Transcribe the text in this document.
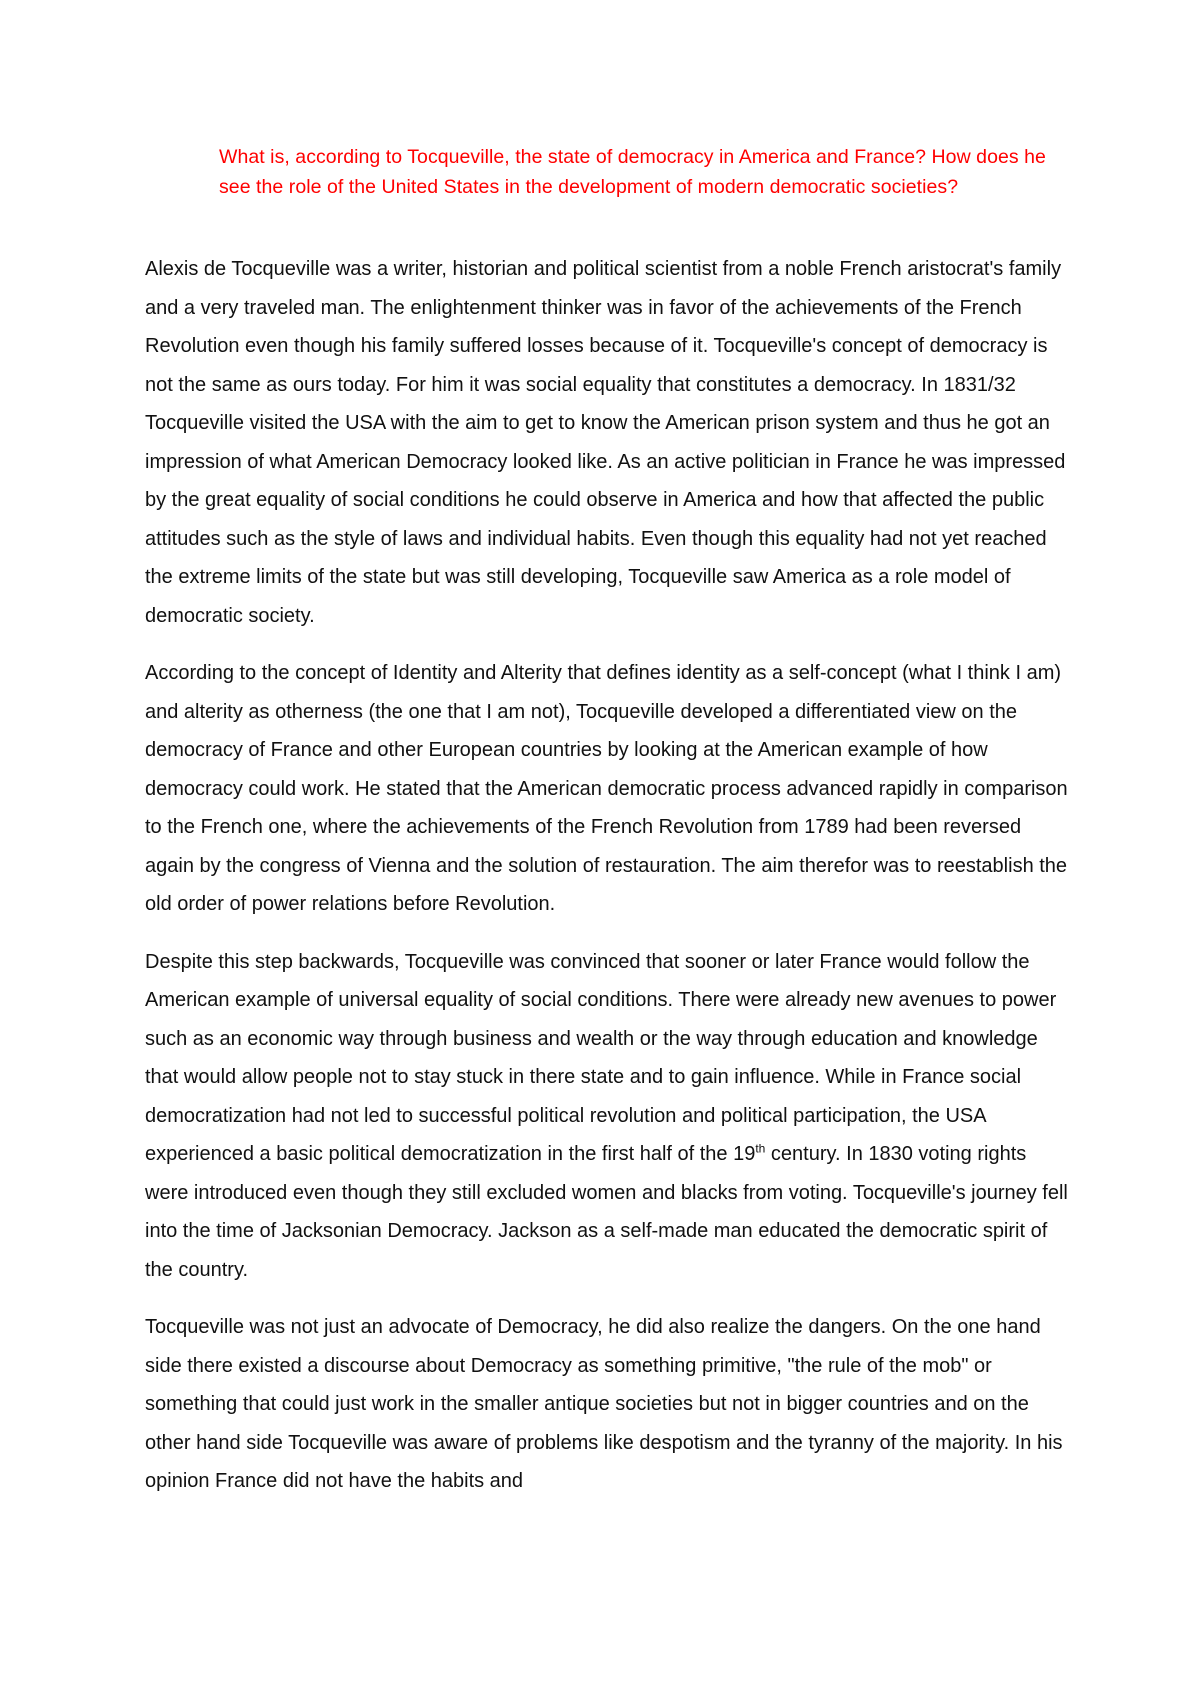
What is, according to Tocqueville, the state of democracy in America and France? How does he see the role of the United States in the development of modern democratic societies?

Alexis de Tocqueville was a writer, historian and political scientist from a noble French aristocrat's family and a very traveled man. The enlightenment thinker was in favor of the achievements of the French Revolution even though his family suffered losses because of it. Tocqueville's concept of democracy is not the same as ours today. For him it was social equality that constitutes a democracy. In 1831/32 Tocqueville visited the USA with the aim to get to know the American prison system and thus he got an impression of what American Democracy looked like. As an active politician in France he was impressed by the great equality of social conditions he could observe in America and how that affected the public attitudes such as the style of laws and individual habits. Even though this equality had not yet reached the extreme limits of the state but was still developing, Tocqueville saw America as a role model of democratic society.

According to the concept of Identity and Alterity that defines identity as a self-concept (what I think I am) and alterity as otherness (the one that I am not), Tocqueville developed a differentiated view on the democracy of France and other European countries by looking at the American example of how democracy could work. He stated that the American democratic process advanced rapidly in comparison to the French one, where the achievements of the French Revolution from 1789 had been reversed again by the congress of Vienna and the solution of restauration. The aim therefor was to reestablish the old order of power relations before Revolution.

Despite this step backwards, Tocqueville was convinced that sooner or later France would follow the American example of universal equality of social conditions. There were already new avenues to power such as an economic way through business and wealth or the way through education and knowledge that would allow people not to stay stuck in there state and to gain influence. While in France social democratization had not led to successful political revolution and political participation, the USA experienced a basic political democratization in the first half of the 19th century. In 1830 voting rights were introduced even though they still excluded women and blacks from voting. Tocqueville's journey fell into the time of Jacksonian Democracy. Jackson as a self-made man educated the democratic spirit of the country.

Tocqueville was not just an advocate of Democracy, he did also realize the dangers. On the one hand side there existed a discourse about Democracy as something primitive, "the rule of the mob" or something that could just work in the smaller antique societies but not in bigger countries and on the other hand side Tocqueville was aware of problems like despotism and the tyranny of the majority. In his opinion France did not have the habits and
